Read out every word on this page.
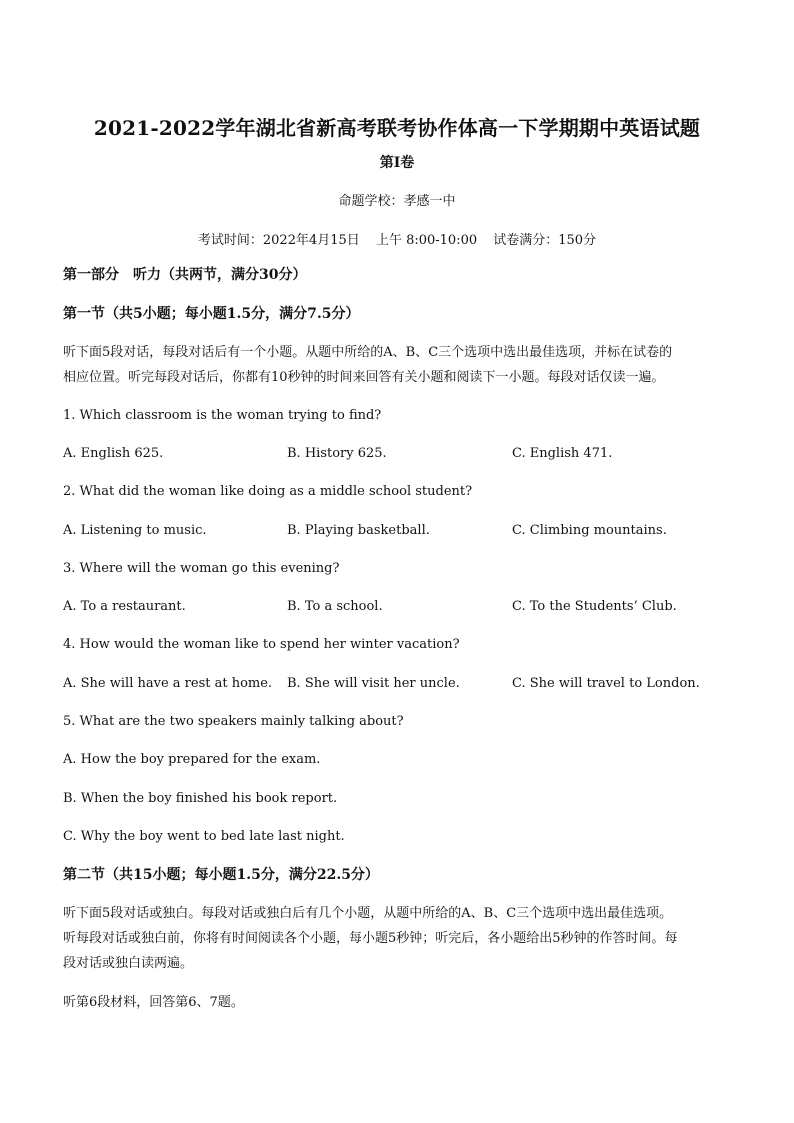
2021-2022学年湖北省新高考联考协作体高一下学期期中英语试题
第I卷
命题学校：孝感一中
考试时间：2022年4月15日 上午 8:00-10:00 试卷满分：150分
第一部分　听力（共两节，满分30分）
第一节（共5小题；每小题1.5分，满分7.5分）
听下面5段对话，每段对话后有一个小题。从题中所给的A、B、C三个选项中选出最佳选项，并标在试卷的
相应位置。听完每段对话后，你都有10秒钟的时间来回答有关小题和阅读下一小题。每段对话仅读一遍。
1. Which classroom is the woman trying to find?
A. English 625.	B. History 625.	C. English 471.
2. What did the woman like doing as a middle school student?
A. Listening to music.	B. Playing basketball.	C. Climbing mountains.
3. Where will the woman go this evening?
A. To a restaurant.	B. To a school.	C. To the Students’ Club.
4. How would the woman like to spend her winter vacation?
A. She will have a rest at home. B. She will visit her uncle.	C. She will travel to London.
5. What are the two speakers mainly talking about?
A. How the boy prepared for the exam.
B. When the boy finished his book report.
C. Why the boy went to bed late last night.
第二节（共15小题；每小题1.5分，满分22.5分）
听下面5段对话或独白。每段对话或独白后有几个小题，从题中所给的A、B、C三个选项中选出最佳选项。
听每段对话或独白前，你将有时间阅读各个小题，每小题5秒钟；听完后，各小题给出5秒钟的作答时间。每
段对话或独白读两遍。
听第6段材料，回答第6、7题。
